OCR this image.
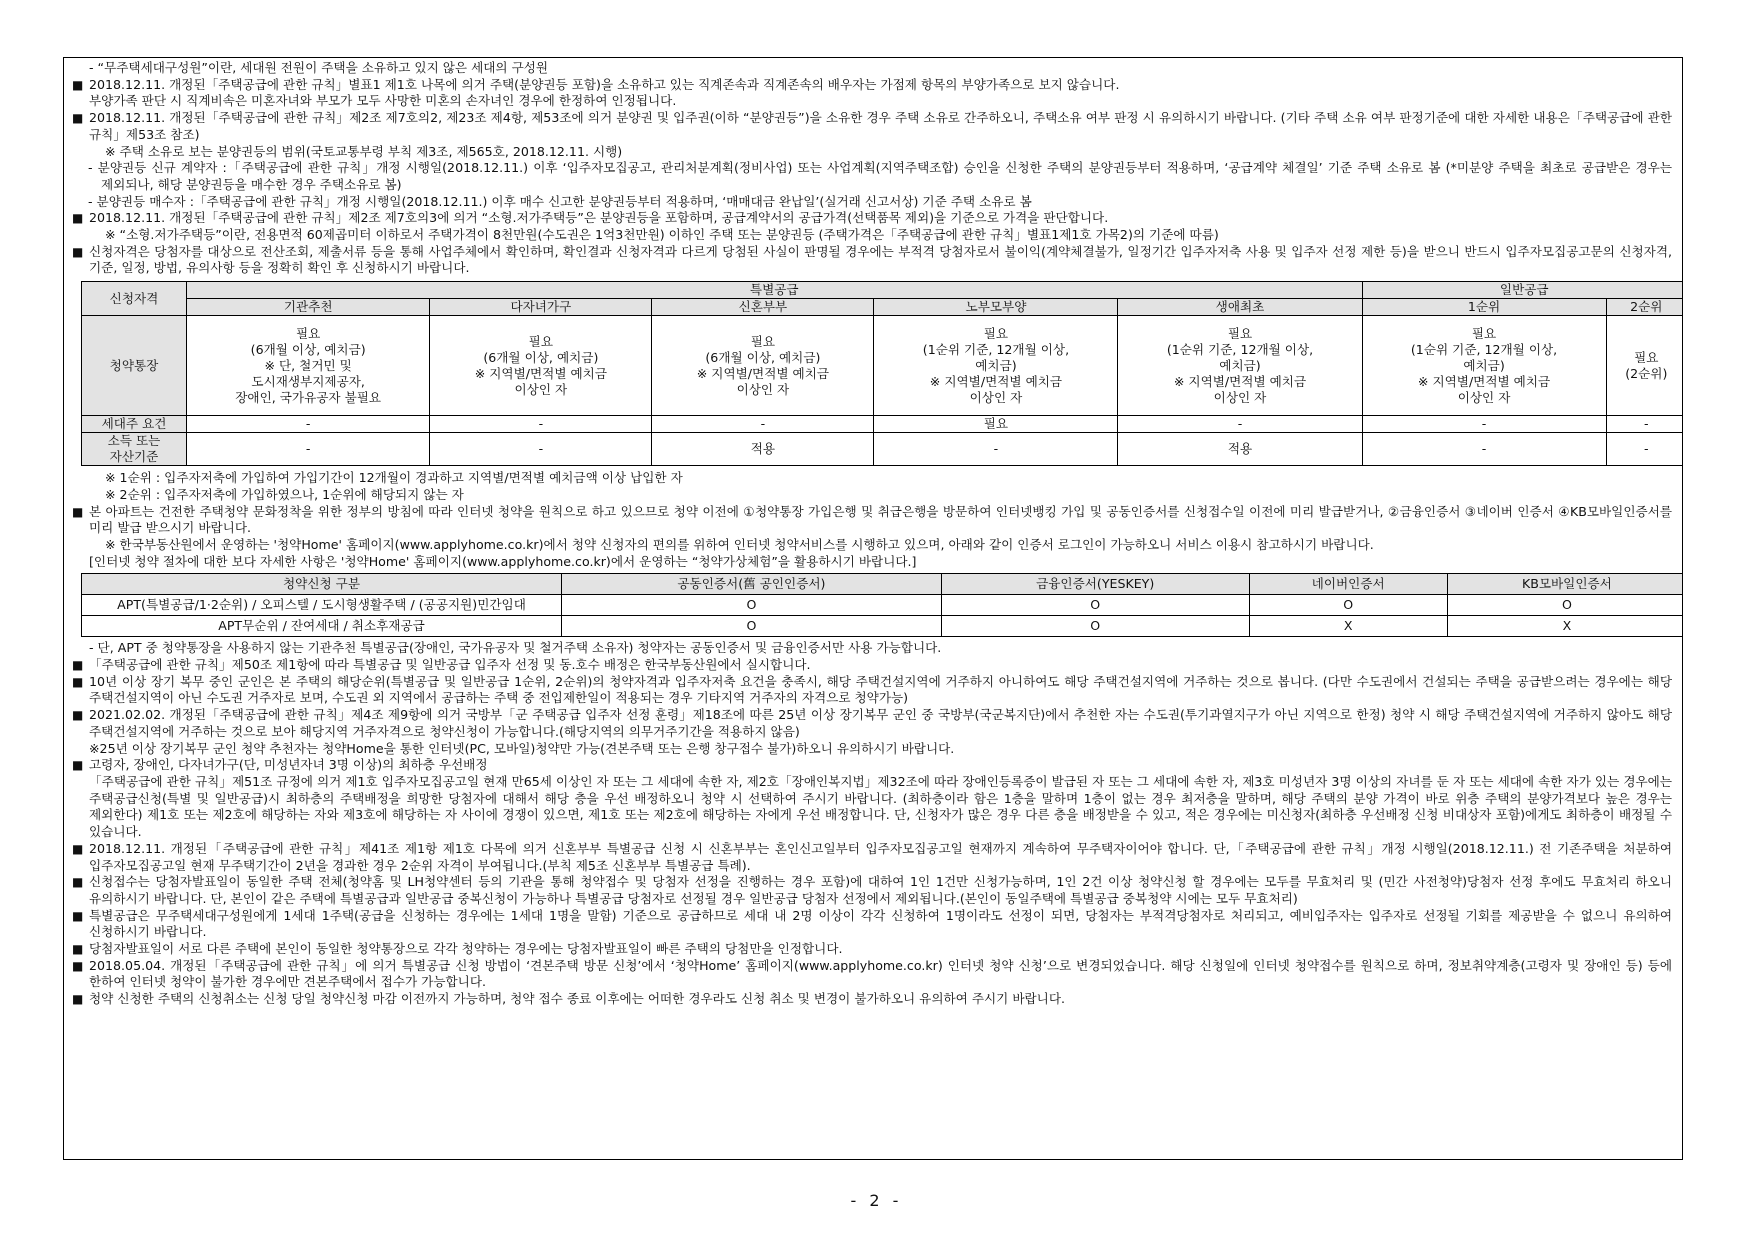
- “무주택세대구성원”이란, 세대원 전원이 주택을 소유하고 있지 않은 세대의 구성원

■ 2018.12.11. 개정된「주택공급에 관한 규칙」별표1 제1호 나목에 의거 주택(분양권등 포함)을 소유하고 있는 직계존속과 직계존속의 배우자는 가점제 항목의 부양가족으로 보지 않습니다.

부양가족 판단 시 직계비속은 미혼자녀와 부모가 모두 사망한 미혼의 손자녀인 경우에 한정하여 인정됩니다.

■ 2018.12.11. 개정된「주택공급에 관한 규칙」제2조 제7호의2, 제23조 제4항, 제53조에 의거 분양권 및 입주권(이하 “분양권등”)을 소유한 경우 주택 소유로 간주하오니, 주택소유 여부 판정 시 유의하시기 바랍니다. (기타 주택 소유 여부 판정기준에 대한 자세한 내용은「주택공급에 관한 규칙」제53조 참조)

※ 주택 소유로 보는 분양권등의 범위(국토교통부령 부칙 제3조, 제565호, 2018.12.11. 시행)

- 분양권등 신규 계약자 :「주택공급에 관한 규칙」개정 시행일(2018.12.11.) 이후 ‘입주자모집공고, 관리처분계획(정비사업) 또는 사업계획(지역주택조합) 승인을 신청한 주택의 분양권등부터 적용하며, ‘공급계약 체결일’ 기준 주택 소유로 봄 (*미분양 주택을 최초로 공급받은 경우는 제외되나, 해당 분양권등을 매수한 경우 주택소유로 봄)

- 분양권등 매수자 :「주택공급에 관한 규칙」개정 시행일(2018.12.11.) 이후 매수 신고한 분양권등부터 적용하며, ‘매매대금 완납일’(실거래 신고서상) 기준 주택 소유로 봄

■ 2018.12.11. 개정된「주택공급에 관한 규칙」제2조 제7호의3에 의거 “소형.저가주택등”은 분양권등을 포함하며, 공급계약서의 공급가격(선택품목 제외)을 기준으로 가격을 판단합니다.

※ “소형.저가주택등”이란, 전용면적 60제곱미터 이하로서 주택가격이 8천만원(수도권은 1억3천만원) 이하인 주택 또는 분양권등 (주택가격은「주택공급에 관한 규칙」별표1제1호 가목2)의 기준에 따름)

■ 신청자격은 당첨자를 대상으로 전산조회, 제출서류 등을 통해 사업주체에서 확인하며, 확인결과 신청자격과 다르게 당첨된 사실이 판명될 경우에는 부적격 당첨자로서 불이익(계약체결불가, 일정기간 입주자저축 사용 및 입주자 선정 제한 등)을 받으니 반드시 입주자모집공고문의 신청자격, 기준, 일정, 방법, 유의사항 등을 정확히 확인 후 신청하시기 바랍니다.

신청자격	특별공급					일반공급	
	기관추천	다자녀가구	신혼부부	노부모부양	생애최초	1순위	2순위
청약통장	필요
(6개월 이상, 예치금)
※ 단, 철거민 및
도시재생부지제공자,
장애인, 국가유공자 불필요	필요
(6개월 이상, 예치금)
※ 지역별/면적별 예치금
이상인 자	필요
(6개월 이상, 예치금)
※ 지역별/면적별 예치금
이상인 자	필요
(1순위 기준, 12개월 이상,
예치금)
※ 지역별/면적별 예치금
이상인 자	필요
(1순위 기준, 12개월 이상,
예치금)
※ 지역별/면적별 예치금
이상인 자	필요
(1순위 기준, 12개월 이상,
예치금)
※ 지역별/면적별 예치금
이상인 자	필요
(2순위)
세대주 요건	-	-	-	필요	-	-	-
소득 또는
자산기준	-	-	적용	-	적용	-	-

※ 1순위 : 입주자저축에 가입하여 가입기간이 12개월이 경과하고 지역별/면적별 예치금액 이상 납입한 자

※ 2순위 : 입주자저축에 가입하였으나, 1순위에 해당되지 않는 자

■ 본 아파트는 건전한 주택청약 문화정착을 위한 정부의 방침에 따라 인터넷 청약을 원칙으로 하고 있으므로 청약 이전에 ①청약통장 가입은행 및 취급은행을 방문하여 인터넷뱅킹 가입 및 공동인증서를 신청접수일 이전에 미리 발급받거나, ②금융인증서 ③네이버 인증서 ④KB모바일인증서를 미리 발급 받으시기 바랍니다.

※ 한국부동산원에서 운영하는 '청약Home' 홈페이지(www.applyhome.co.kr)에서 청약 신청자의 편의를 위하여 인터넷 청약서비스를 시행하고 있으며, 아래와 같이 인증서 로그인이 가능하오니 서비스 이용시 참고하시기 바랍니다.

[인터넷 청약 절차에 대한 보다 자세한 사항은 '청약Home' 홈페이지(www.applyhome.co.kr)에서 운영하는 “청약가상체험”을 활용하시기 바랍니다.]

청약신청 구분	공동인증서(舊 공인인증서)	금융인증서(YESKEY)	네이버인증서	KB모바일인증서
APT(특별공급/1·2순위) / 오피스텔 / 도시형생활주택 / (공공지원)민간임대	O	O	O	O
APT무순위 / 잔여세대 / 취소후재공급	O	O	X	X

- 단, APT 중 청약통장을 사용하지 않는 기관추천 특별공급(장애인, 국가유공자 및 철거주택 소유자) 청약자는 공동인증서 및 금융인증서만 사용 가능합니다.

■ 「주택공급에 관한 규칙」제50조 제1항에 따라 특별공급 및 일반공급 입주자 선정 및 동.호수 배정은 한국부동산원에서 실시합니다.

■ 10년 이상 장기 복무 중인 군인은 본 주택의 해당순위(특별공급 및 일반공급 1순위, 2순위)의 청약자격과 입주자저축 요건을 충족시, 해당 주택건설지역에 거주하지 아니하여도 해당 주택건설지역에 거주하는 것으로 봅니다. (다만 수도권에서 건설되는 주택을 공급받으려는 경우에는 해당 주택건설지역이 아닌 수도권 거주자로 보며, 수도권 외 지역에서 공급하는 주택 중 전입제한일이 적용되는 경우 기타지역 거주자의 자격으로 청약가능)

■ 2021.02.02. 개정된「주택공급에 관한 규칙」제4조 제9항에 의거 국방부「군 주택공급 입주자 선정 훈령」제18조에 따른 25년 이상 장기복무 군인 중 국방부(국군복지단)에서 추천한 자는 수도권(투기과열지구가 아닌 지역으로 한정) 청약 시 해당 주택건설지역에 거주하지 않아도 해당 주택건설지역에 거주하는 것으로 보아 해당지역 거주자격으로 청약신청이 가능합니다.(해당지역의 의무거주기간을 적용하지 않음)

※25년 이상 장기복무 군인 청약 추천자는 청약Home을 통한 인터넷(PC, 모바일)청약만 가능(견본주택 또는 은행 창구접수 불가)하오니 유의하시기 바랍니다.

■ 고령자, 장애인, 다자녀가구(단, 미성년자녀 3명 이상)의 최하층 우선배정

「주택공급에 관한 규칙」제51조 규정에 의거 제1호 입주자모집공고일 현재 만65세 이상인 자 또는 그 세대에 속한 자, 제2호「장애인복지법」제32조에 따라 장애인등록증이 발급된 자 또는 그 세대에 속한 자, 제3호 미성년자 3명 이상의 자녀를 둔 자 또는 세대에 속한 자가 있는 경우에는 주택공급신청(특별 및 일반공급)시 최하층의 주택배정을 희망한 당첨자에 대해서 해당 층을 우선 배정하오니 청약 시 선택하여 주시기 바랍니다. (최하층이라 함은 1층을 말하며 1층이 없는 경우 최저층을 말하며, 해당 주택의 분양 가격이 바로 위층 주택의 분양가격보다 높은 경우는 제외한다) 제1호 또는 제2호에 해당하는 자와 제3호에 해당하는 자 사이에 경쟁이 있으면, 제1호 또는 제2호에 해당하는 자에게 우선 배정합니다. 단, 신청자가 많은 경우 다른 층을 배정받을 수 있고, 적은 경우에는 미신청자(최하층 우선배정 신청 비대상자 포함)에게도 최하층이 배정될 수 있습니다.

■ 2018.12.11. 개정된「주택공급에 관한 규칙」제41조 제1항 제1호 다목에 의거 신혼부부 특별공급 신청 시 신혼부부는 혼인신고일부터 입주자모집공고일 현재까지 계속하여 무주택자이어야 합니다. 단,「주택공급에 관한 규칙」개정 시행일(2018.12.11.) 전 기존주택을 처분하여 입주자모집공고일 현재 무주택기간이 2년을 경과한 경우 2순위 자격이 부여됩니다.(부칙 제5조 신혼부부 특별공급 특례).

■ 신청접수는 당첨자발표일이 동일한 주택 전체(청약홈 및 LH청약센터 등의 기관을 통해 청약접수 및 당첨자 선정을 진행하는 경우 포함)에 대하여 1인 1건만 신청가능하며, 1인 2건 이상 청약신청 할 경우에는 모두를 무효처리 및 (민간 사전청약)당첨자 선정 후에도 무효처리 하오니 유의하시기 바랍니다. 단, 본인이 같은 주택에 특별공급과 일반공급 중복신청이 가능하나 특별공급 당첨자로 선정될 경우 일반공급 당첨자 선정에서 제외됩니다.(본인이 동일주택에 특별공급 중복청약 시에는 모두 무효처리)

■ 특별공급은 무주택세대구성원에게 1세대 1주택(공급을 신청하는 경우에는 1세대 1명을 말함) 기준으로 공급하므로 세대 내 2명 이상이 각각 신청하여 1명이라도 선정이 되면, 당첨자는 부적격당첨자로 처리되고, 예비입주자는 입주자로 선정될 기회를 제공받을 수 없으니 유의하여 신청하시기 바랍니다.

■ 당첨자발표일이 서로 다른 주택에 본인이 동일한 청약통장으로 각각 청약하는 경우에는 당첨자발표일이 빠른 주택의 당첨만을 인정합니다.

■ 2018.05.04. 개정된「주택공급에 관한 규칙」에 의거 특별공급 신청 방법이 ‘견본주택 방문 신청’에서 ‘청약Home’ 홈페이지(www.applyhome.co.kr) 인터넷 청약 신청’으로 변경되었습니다. 해당 신청일에 인터넷 청약접수를 원칙으로 하며, 정보취약계층(고령자 및 장애인 등) 등에 한하여 인터넷 청약이 불가한 경우에만 견본주택에서 접수가 가능합니다.

■ 청약 신청한 주택의 신청취소는 신청 당일 청약신청 마감 이전까지 가능하며, 청약 접수 종료 이후에는 어떠한 경우라도 신청 취소 및 변경이 불가하오니 유의하여 주시기 바랍니다.

- 2 -
